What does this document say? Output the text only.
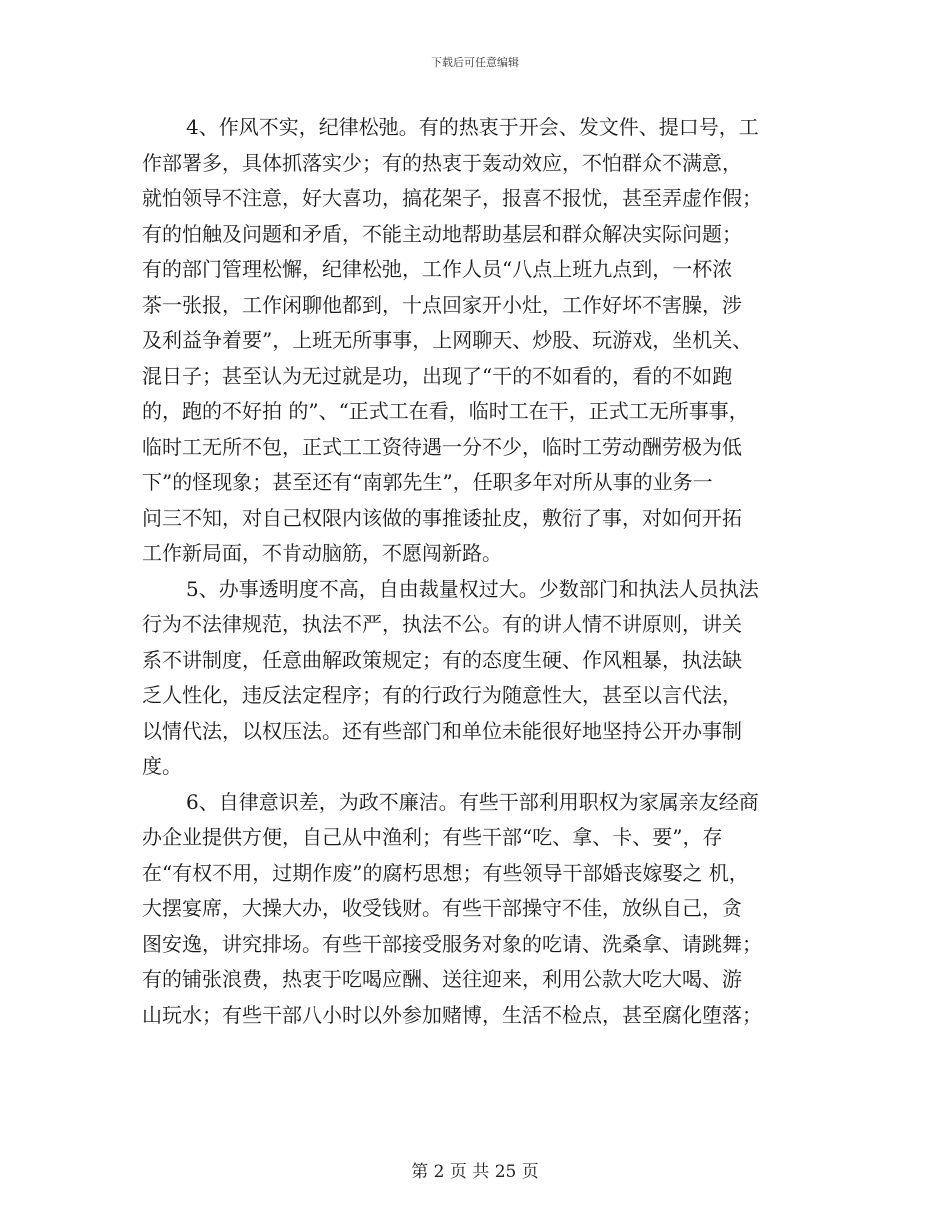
下载后可任意编辑
4、作风不实，纪律松弛。有的热衷于开会、发文件、提口号，工
作部署多，具体抓落实少；有的热衷于轰动效应，不怕群众不满意，
就怕领导不注意，好大喜功，搞花架子，报喜不报忧，甚至弄虚作假；
有的怕触及问题和矛盾，不能主动地帮助基层和群众解决实际问题；
有的部门管理松懈，纪律松弛，工作人员“八点上班九点到，一杯浓
茶一张报，工作闲聊他都到，十点回家开小灶，工作好坏不害臊，涉
及利益争着要”，上班无所事事，上网聊天、炒股、玩游戏，坐机关、
混日子；甚至认为无过就是功，出现了“干的不如看的，看的不如跑
的，跑的不好拍 的”、“正式工在看，临时工在干，正式工无所事事，
临时工无所不包，正式工工资待遇一分不少，临时工劳动酬劳极为低
下”的怪现象；甚至还有“南郭先生”，任职多年对所从事的业务一
问三不知，对自己权限内该做的事推诿扯皮，敷衍了事，对如何开拓
工作新局面，不肯动脑筋，不愿闯新路。
5、办事透明度不高，自由裁量权过大。少数部门和执法人员执法
行为不法律规范，执法不严，执法不公。有的讲人情不讲原则，讲关
系不讲制度，任意曲解政策规定；有的态度生硬、作风粗暴，执法缺
乏人性化，违反法定程序；有的行政行为随意性大，甚至以言代法，
以情代法，以权压法。还有些部门和单位未能很好地坚持公开办事制
度。
6、自律意识差，为政不廉洁。有些干部利用职权为家属亲友经商
办企业提供方便，自己从中渔利；有些干部“吃、拿、卡、要”，存
在“有权不用，过期作废”的腐朽思想；有些领导干部婚丧嫁娶之 机，
大摆宴席，大操大办，收受钱财。有些干部操守不佳，放纵自己，贪
图安逸，讲究排场。有些干部接受服务对象的吃请、洗桑拿、请跳舞；
有的铺张浪费，热衷于吃喝应酬、送往迎来，利用公款大吃大喝、游
山玩水；有些干部八小时以外参加赌博，生活不检点，甚至腐化堕落；
第 2 页 共 25 页
